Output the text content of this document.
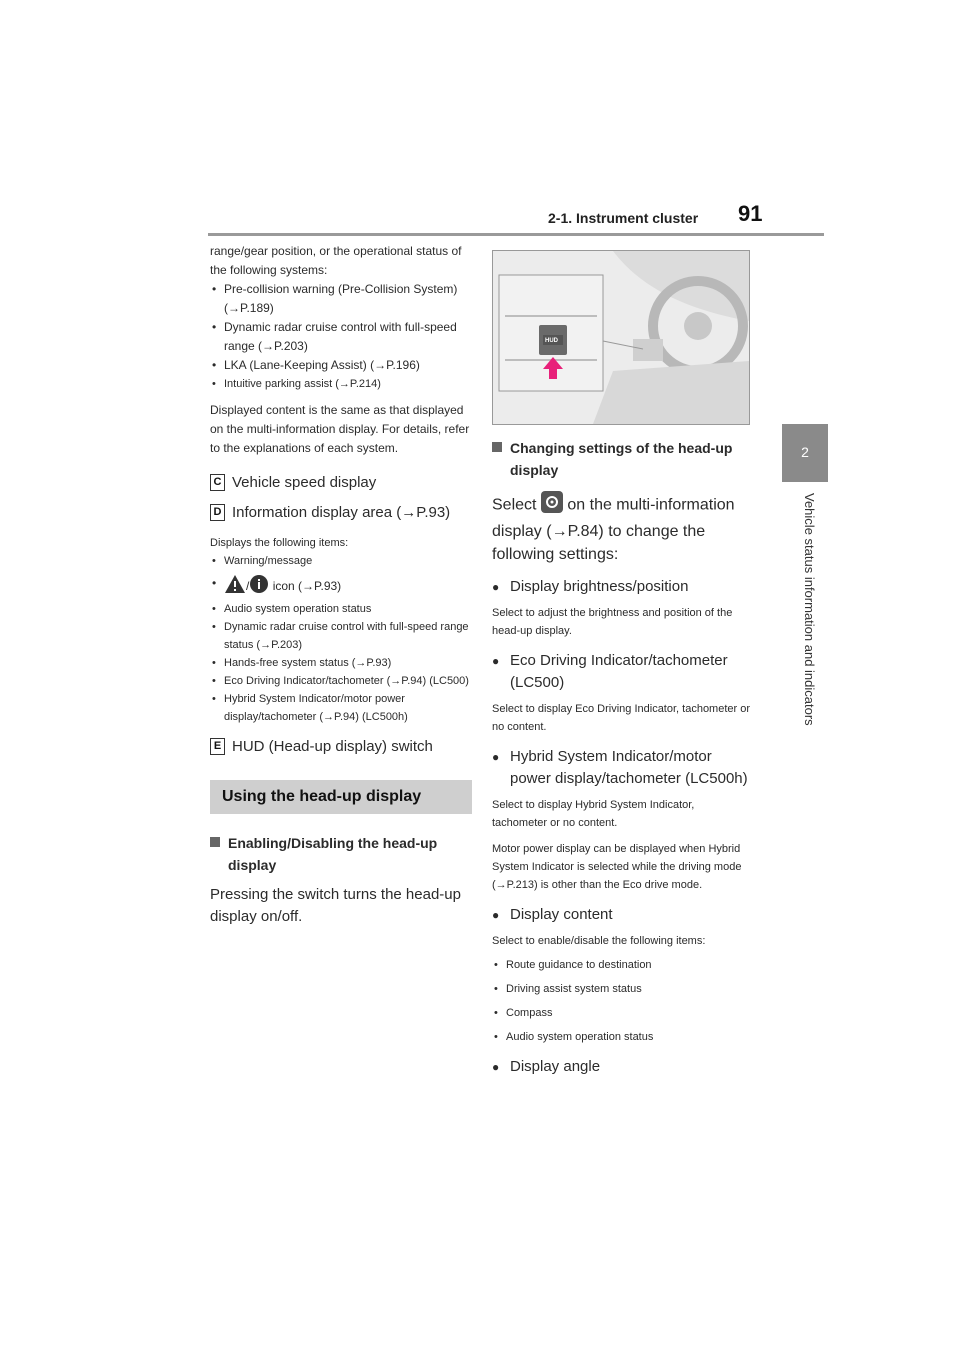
2-1. Instrument cluster 91
2
Vehicle status information and indicators

range/gear position, or the operational status of the following systems:

• Pre-collision warning (Pre-Collision System) (→P.189)
• Dynamic radar cruise control with full-speed range (→P.203)
• LKA (Lane-Keeping Assist) (→P.196)
• Intuitive parking assist (→P.214)

Displayed content is the same as that displayed on the multi-information display. For details, refer to the explanations of each system.

C Vehicle speed display
D Information display area (→P.93)

Displays the following items:

• Warning/message
• / icon (→P.93)
• Audio system operation status
• Dynamic radar cruise control with full-speed range status (→P.203)
• Hands-free system status (→P.93)
• Eco Driving Indicator/tachometer (→P.94) (LC500)
• Hybrid System Indicator/motor power display/tachometer (→P.94) (LC500h)
E HUD (Head-up display) switch
Using the head-up display
Enabling/Disabling the head-up display

Pressing the switch turns the head-up display on/off.

HUD
Changing settings of the head-up display

Select on the multi-information display (→P.84) to change the following settings:

● Display brightness/position

Select to adjust the brightness and position of the head-up display.

● Eco Driving Indicator/tachometer (LC500)

Select to display Eco Driving Indicator, tachometer or no content.

● Hybrid System Indicator/motor power display/tachometer (LC500h)

Select to display Hybrid System Indicator, tachometer or no content.

Motor power display can be displayed when Hybrid System Indicator is selected while the driving mode (→P.213) is other than the Eco drive mode.

● Display content

Select to enable/disable the following items:

• Route guidance to destination
• Driving assist system status
• Compass
• Audio system operation status
● Display angle
